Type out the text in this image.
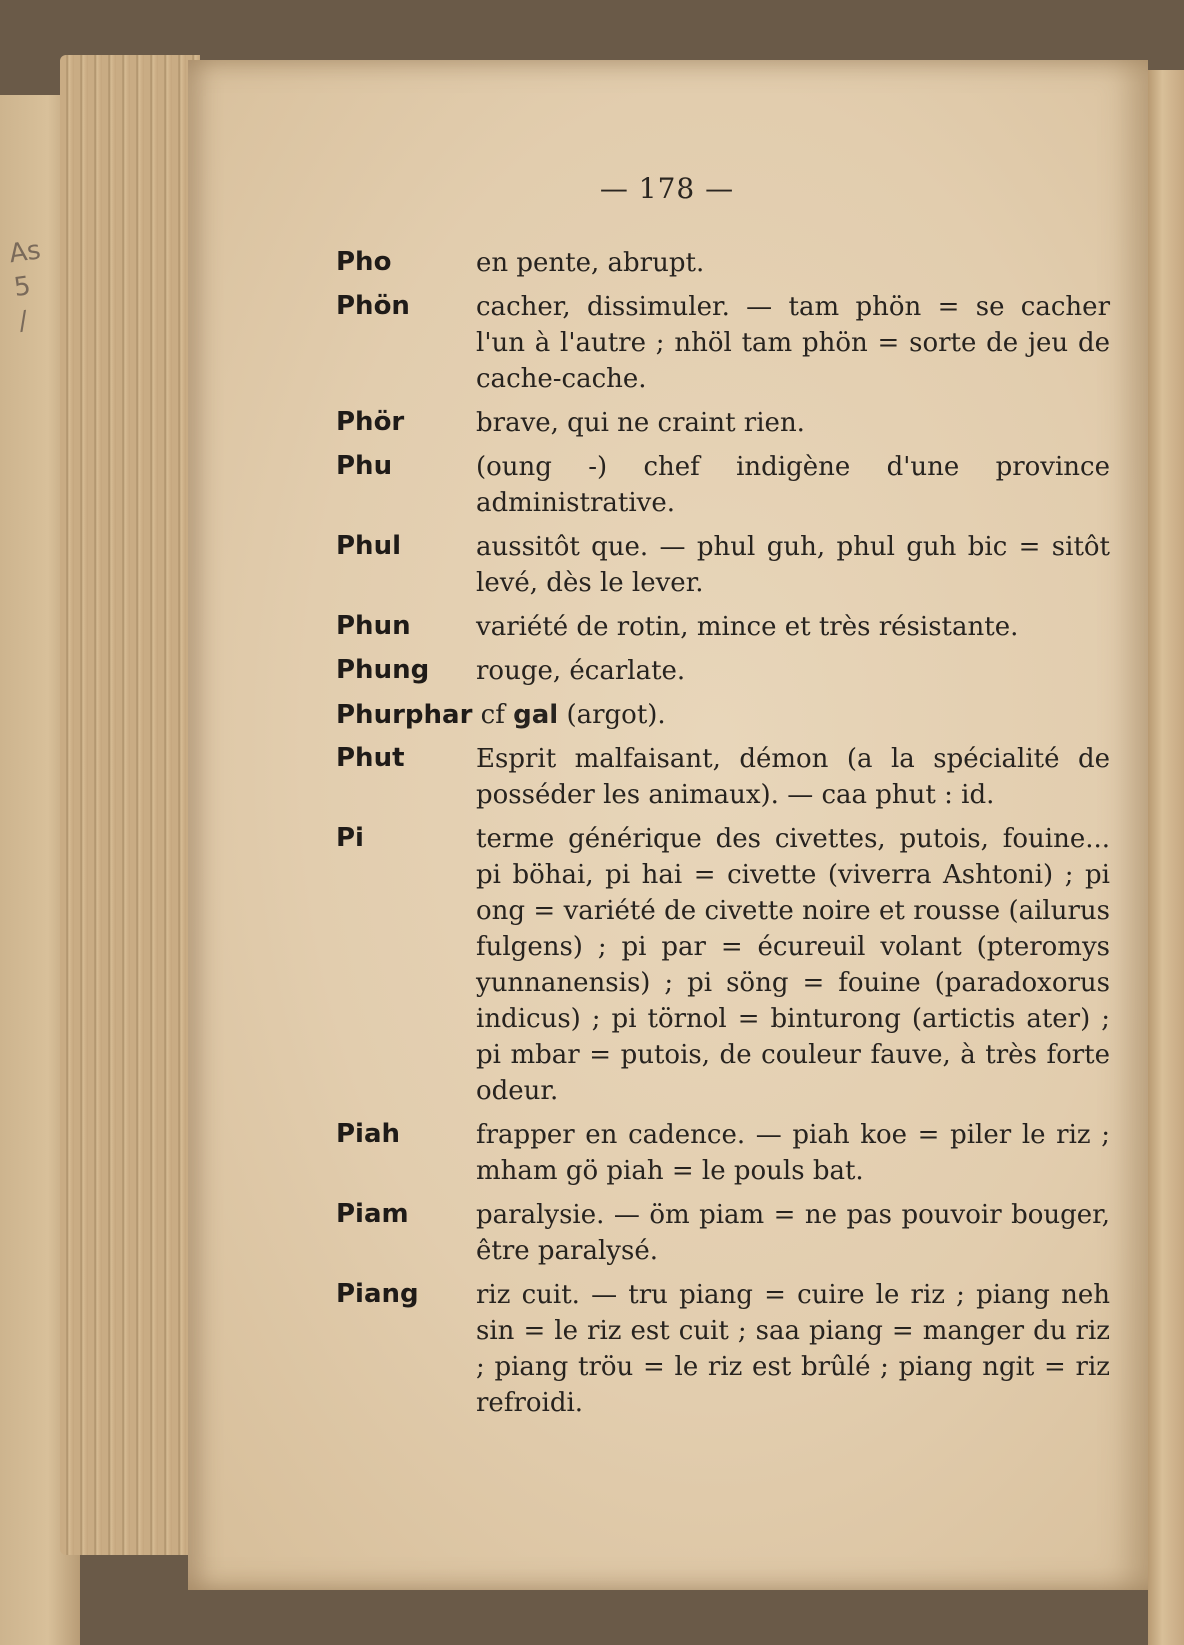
As
5
/
— 178 —
Pho	en pente, abrupt.
Phön	cacher, dissimuler. — tam phön = se cacher l'un à l'autre ; nhöl tam phön = sorte de jeu de cache-cache.
Phör	brave, qui ne craint rien.
Phu	(oung -) chef indigène d'une province administrative.
Phul	aussitôt que. — phul guh, phul guh bic = sitôt levé, dès le lever.
Phun	variété de rotin, mince et très résistante.
Phung rouge, écarlate.
Phurphar cf gal (argot).
Phut	Esprit malfaisant, démon (a la spécialité de posséder les animaux). — caa phut : id.
Pi	terme générique des civettes, putois, fouine... pi böhai, pi hai = civette (viverra Ashtoni) ; pi ong = variété de civette noire et rousse (ailurus fulgens) ; pi par = écureuil volant (pteromys yunnanensis) ; pi söng = fouine (paradoxorus indicus) ; pi törnol = binturong (artictis ater) ; pi mbar = putois, de couleur fauve, à très forte odeur.
Piah	frapper en cadence. — piah koe = piler le riz ; mham gö piah = le pouls bat.
Piam	paralysie. — öm piam = ne pas pouvoir bouger, être paralysé.
Piang riz cuit. — tru piang = cuire le riz ; piang neh sin = le riz est cuit ; saa piang = manger du riz ; piang tröu = le riz est brûlé ; piang ngit = riz refroidi.
